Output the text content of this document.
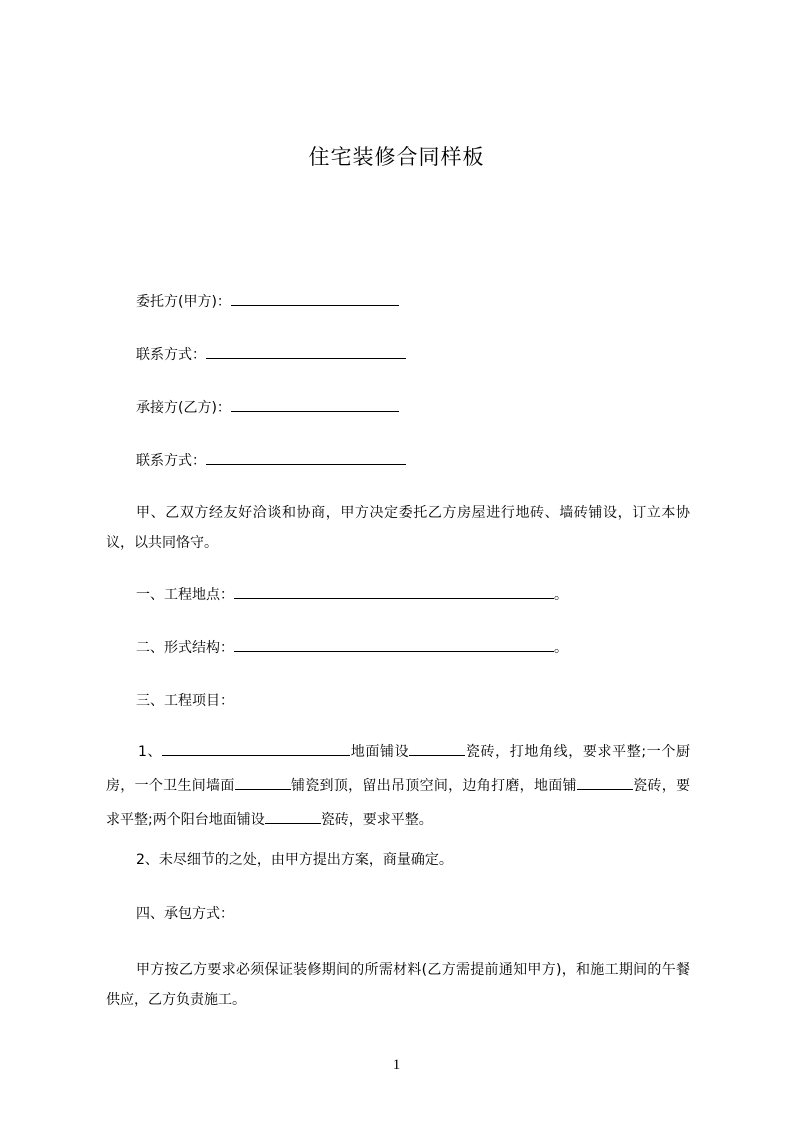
住宅装修合同样板
委托方(甲方)：
联系方式：
承接方(乙方)：
联系方式：
甲、乙双方经友好洽谈和协商，甲方决定委托乙方房屋进行地砖、墙砖铺设，订立本协议，以共同恪守。
一、工程地点：	。
二、形式结构：	。
三、工程项目：
1、	地面铺设	瓷砖，打地角线，要求平整;一个厨房，一个卫生间墙面	铺瓷到顶，留出吊顶空间，边角打磨，地面铺	瓷砖，要求平整;两个阳台地面铺设	瓷砖，要求平整。
2、未尽细节的之处，由甲方提出方案，商量确定。
四、承包方式：
甲方按乙方要求必须保证装修期间的所需材料(乙方需提前通知甲方)，和施工期间的午餐供应，乙方负责施工。
1
